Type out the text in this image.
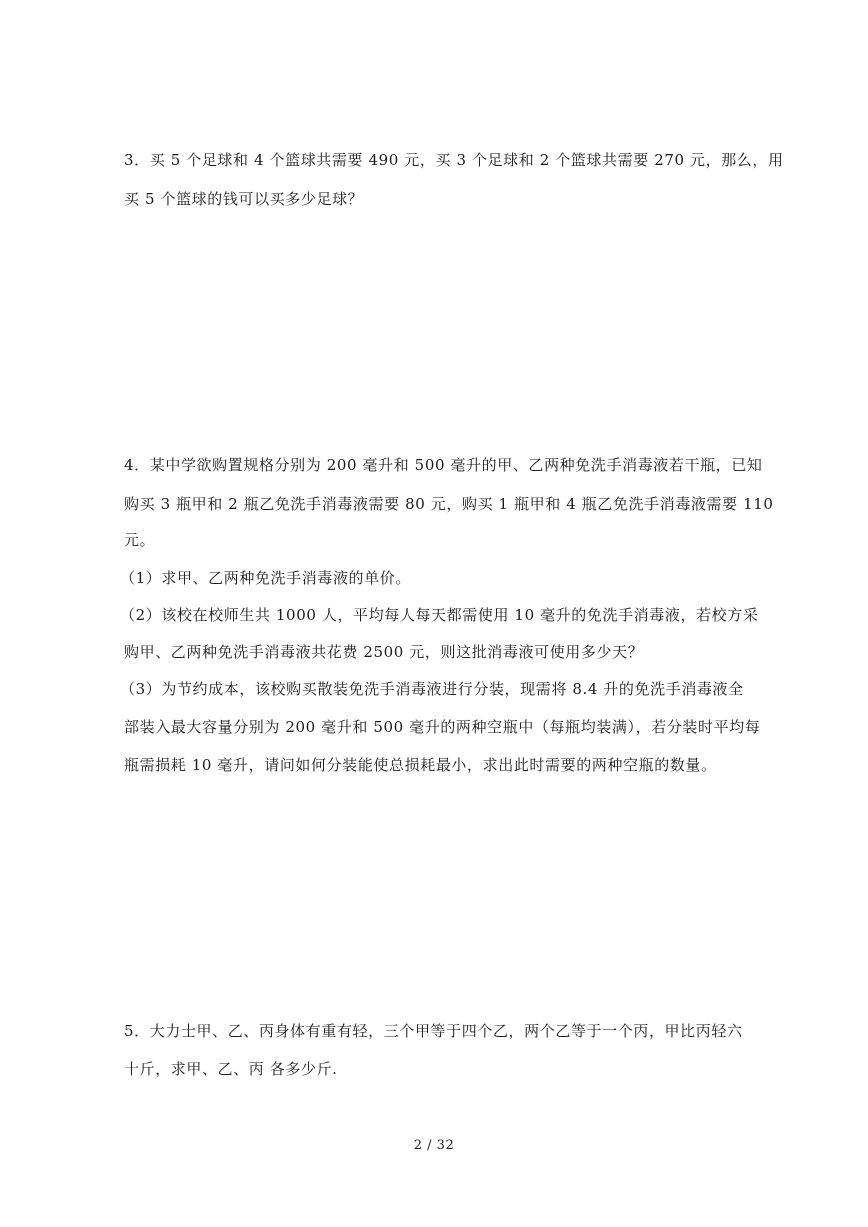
3．买 5 个足球和 4 个篮球共需要 490 元，买 3 个足球和 2 个篮球共需要 270 元，那么，用
买 5 个篮球的钱可以买多少足球？
4．某中学欲购置规格分别为 200 毫升和 500 毫升的甲、乙两种免洗手消毒液若干瓶，已知
购买 3 瓶甲和 2 瓶乙免洗手消毒液需要 80 元，购买 1 瓶甲和 4 瓶乙免洗手消毒液需要 110
元。
（1）求甲、乙两种免洗手消毒液的单价。
（2）该校在校师生共 1000 人，平均每人每天都需使用 10 毫升的免洗手消毒液，若校方采
购甲、乙两种免洗手消毒液共花费 2500 元，则这批消毒液可使用多少天？
（3）为节约成本，该校购买散装免洗手消毒液进行分装，现需将 8.4 升的免洗手消毒液全
部装入最大容量分别为 200 毫升和 500 毫升的两种空瓶中（每瓶均装满），若分装时平均每
瓶需损耗 10 毫升，请问如何分装能使总损耗最小，求出此时需要的两种空瓶的数量。
5．大力士甲、乙、丙身体有重有轻，三个甲等于四个乙，两个乙等于一个丙，甲比丙轻六
十斤，求甲、乙、丙 各多少斤.
2 / 32
